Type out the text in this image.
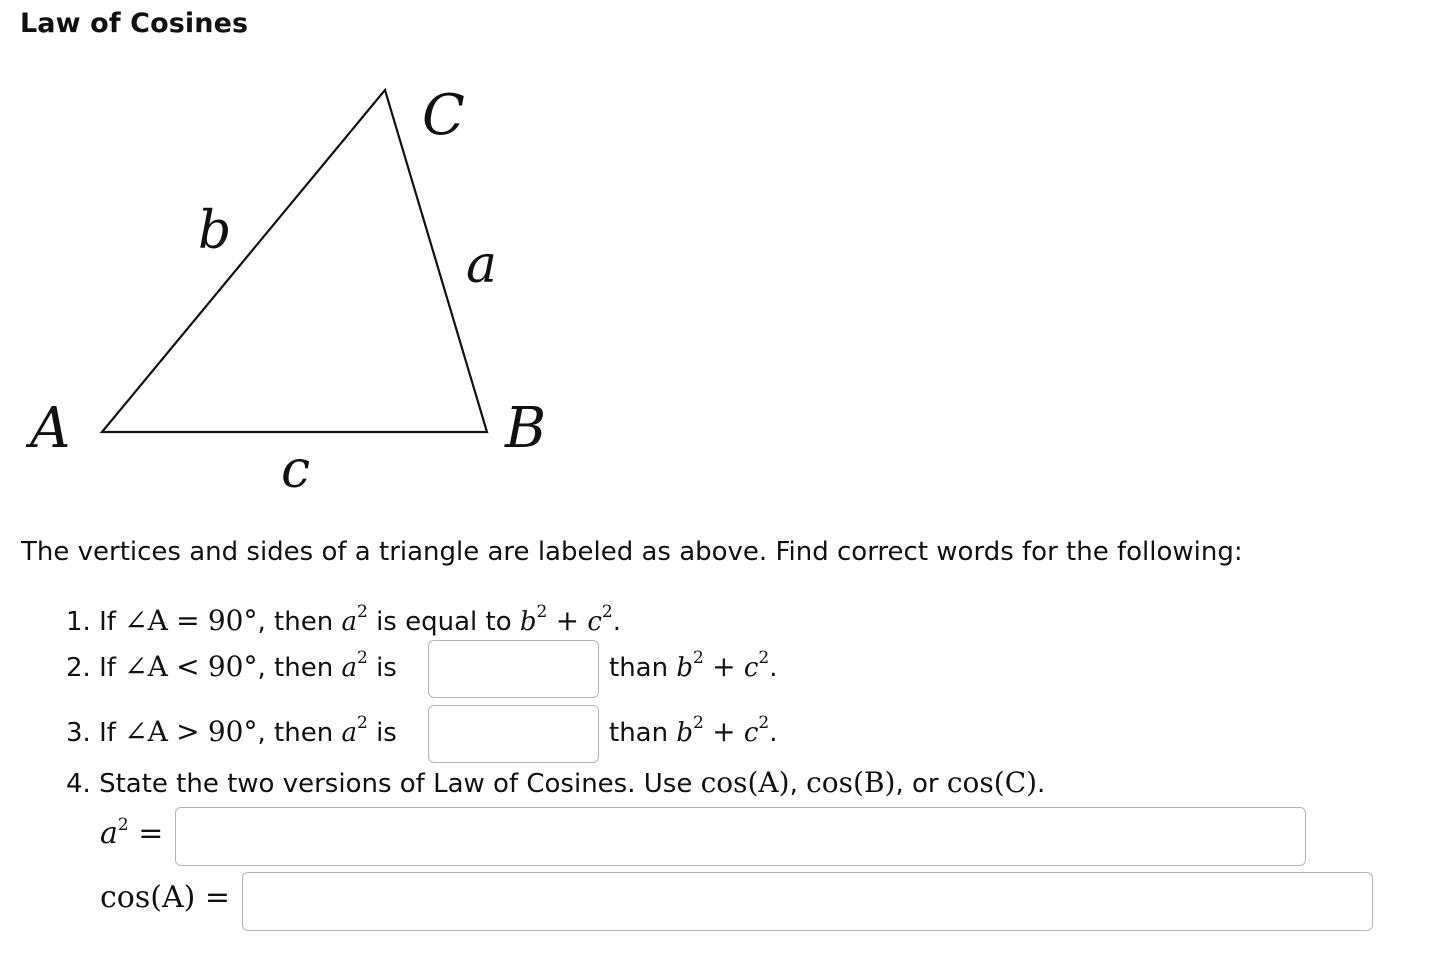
Law of Cosines
C
A	B
b
a
c
The vertices and sides of a triangle are labeled as above. Find correct words for the following:
1. If ∠A = 90°, then $a^2$ is equal to $b^2 + c^2$.
2. If ∠A < 90°, then $a^2$ is	than $b^2 + c^2$.
3. If ∠A > 90°, then $a^2$ is	than $b^2 + c^2$.
4. State the two versions of Law of Cosines. Use cos(A), cos(B), or cos(C).
$a^2$ =
cos(A) =
